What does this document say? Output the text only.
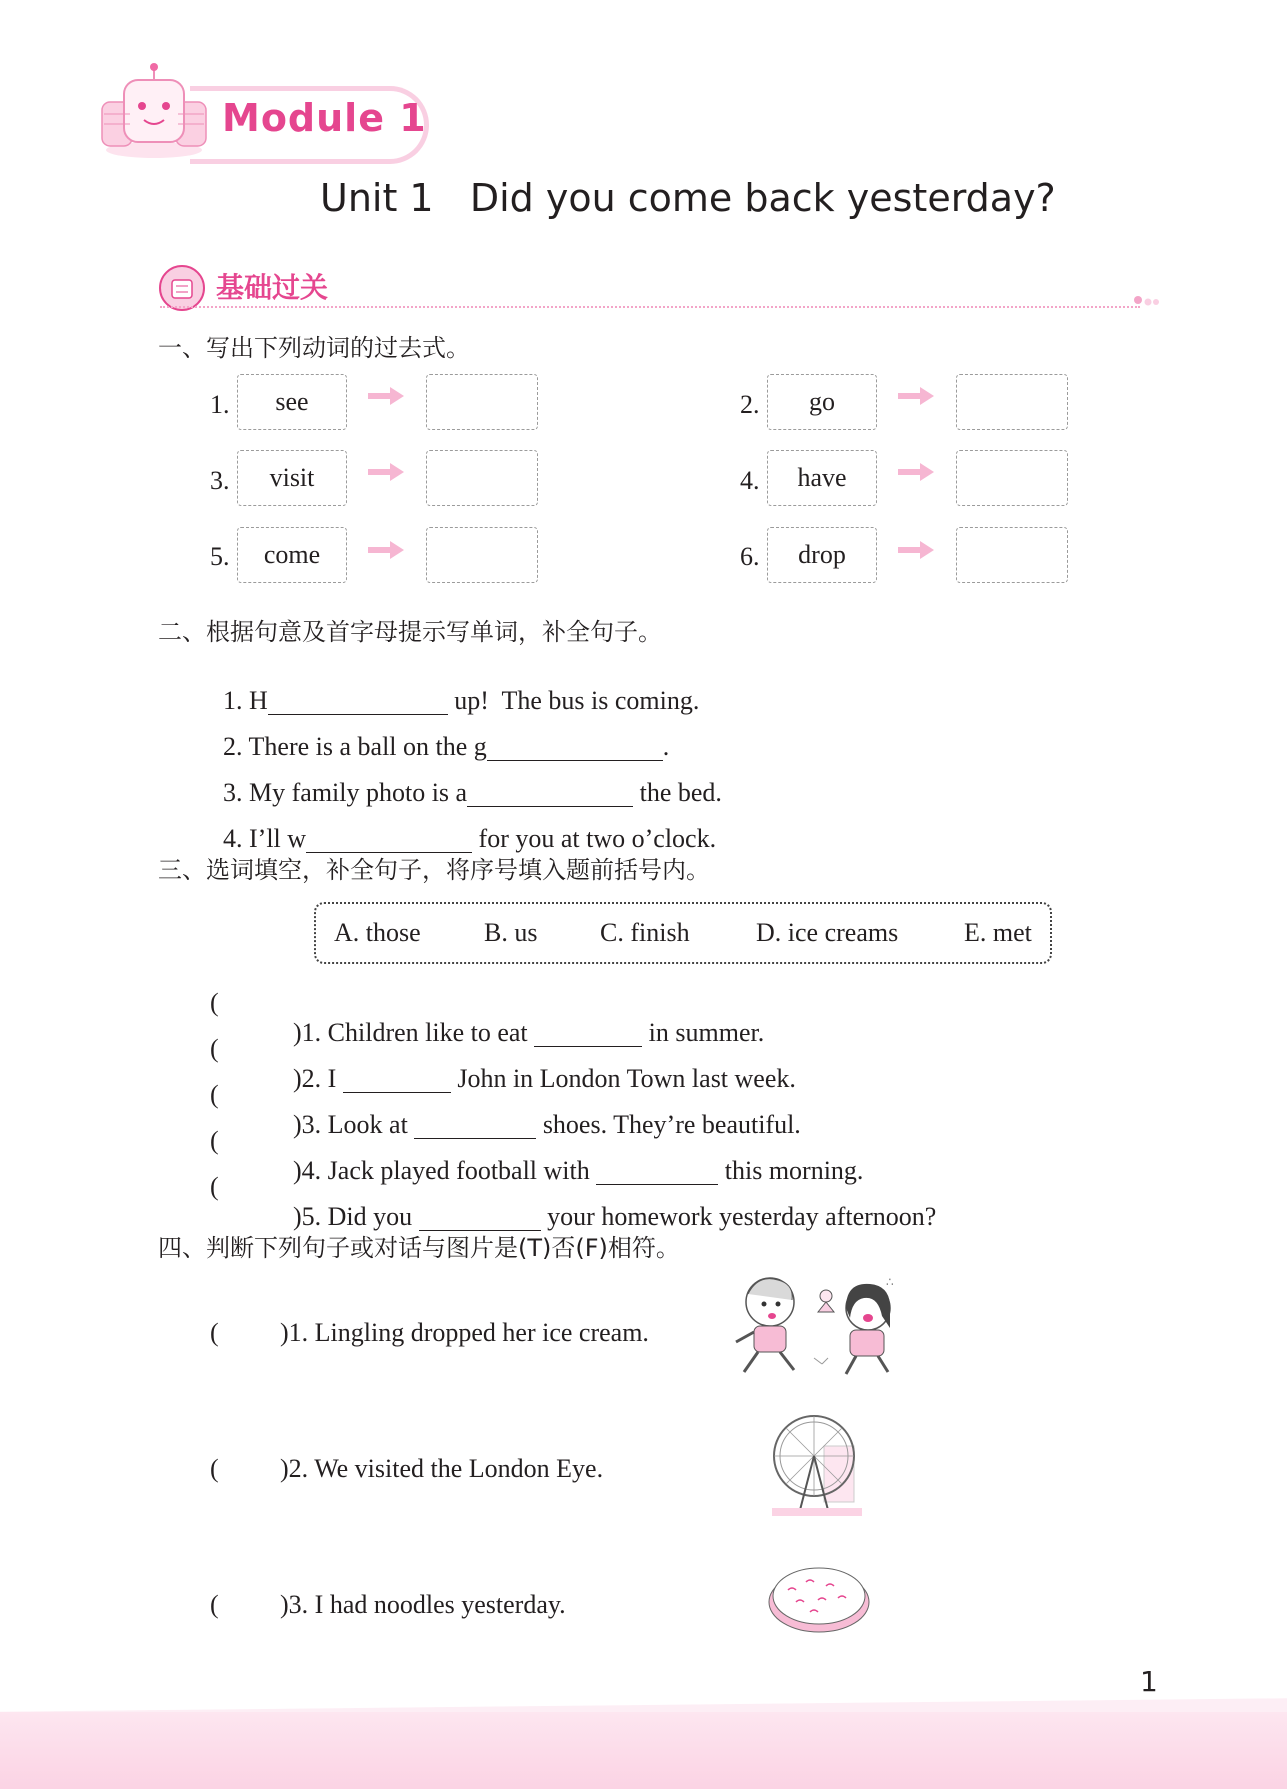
Module 1
Unit 1   Did you come back yesterday?
基础过关
一、写出下列动词的过去式。
1.	see	2.	go
3.	visit	4.	have
5.	come	6.	drop
二、根据句意及首字母提示写单词，补全句子。

1. H	up!  The bus is coming.

2. There is a ball on the g	.

3. My family photo is a	the bed.

4. I’ll w	for you at two o’clock.

三、选词填空，补全句子，将序号填入题前括号内。
A. those B. us C. finish	D. ice creams	E. met
(

)1. Children like to eat	in summer.

(

)2. I	John in London Town last week.

(

)3. Look at	shoes. They’re beautiful.

(

)4. Jack played football with	this morning.

(

)5. Did you	your homework yesterday afternoon?

四、判断下列句子或对话与图片是(T)否(F)相符。
( )1. Lingling dropped her ice cream.
∴
( )2. We visited the London Eye.
( )3. I had noodles yesterday.
1
